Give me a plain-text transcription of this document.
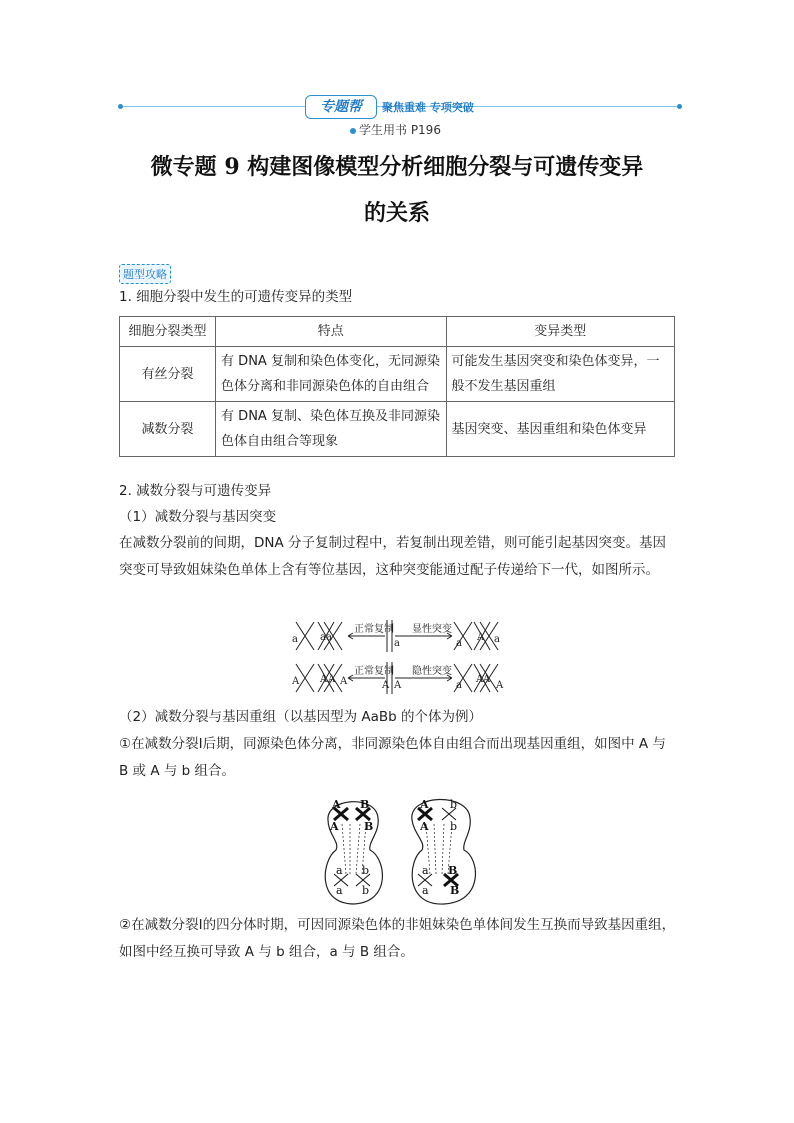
专题帮	聚焦重难 专项突破
学生用书 P196
微专题 9 构建图像模型分析细胞分裂与可遗传变异
的关系
题型攻略
1. 细胞分裂中发生的可遗传变异的类型
细胞分裂类型	特点	变异类型
有丝分裂	有 DNA 复制和染色体变化，无同源染色体分离和非同源染色体的自由组合	可能发生基因突变和染色体变异，一般不发生基因重组
减数分裂	有 DNA 复制、染色体互换及非同源染色体自由组合等现象	基因突变、基因重组和染色体变异
2. 减数分裂与可遗传变异
（1）减数分裂与基因突变
在减数分裂前的间期，DNA 分子复制过程中，若复制出现差错，则可能引起基因突变。基因突变可导致姐妹染色单体上含有等位基因，这种突变能通过配子传递给下一代，如图所示。
正常复制 显性突变
正常复制 隐性突变
a a a
a	a
A a
A A A A	A A	a
A A
A
（2）减数分裂与基因重组（以基因型为 AaBb 的个体为例）
①在减数分裂Ⅰ后期，同源染色体分离，非同源染色体自由组合而出现基因重组，如图中 A 与 B 或 A 与 b 组合。
A
A
B
B
a
a
b
b
A
A
b
b
a
a
B
B
②在减数分裂Ⅰ的四分体时期，可因同源染色体的非姐妹染色单体间发生互换而导致基因重组，如图中经互换可导致 A 与 b 组合，a 与 B 组合。
